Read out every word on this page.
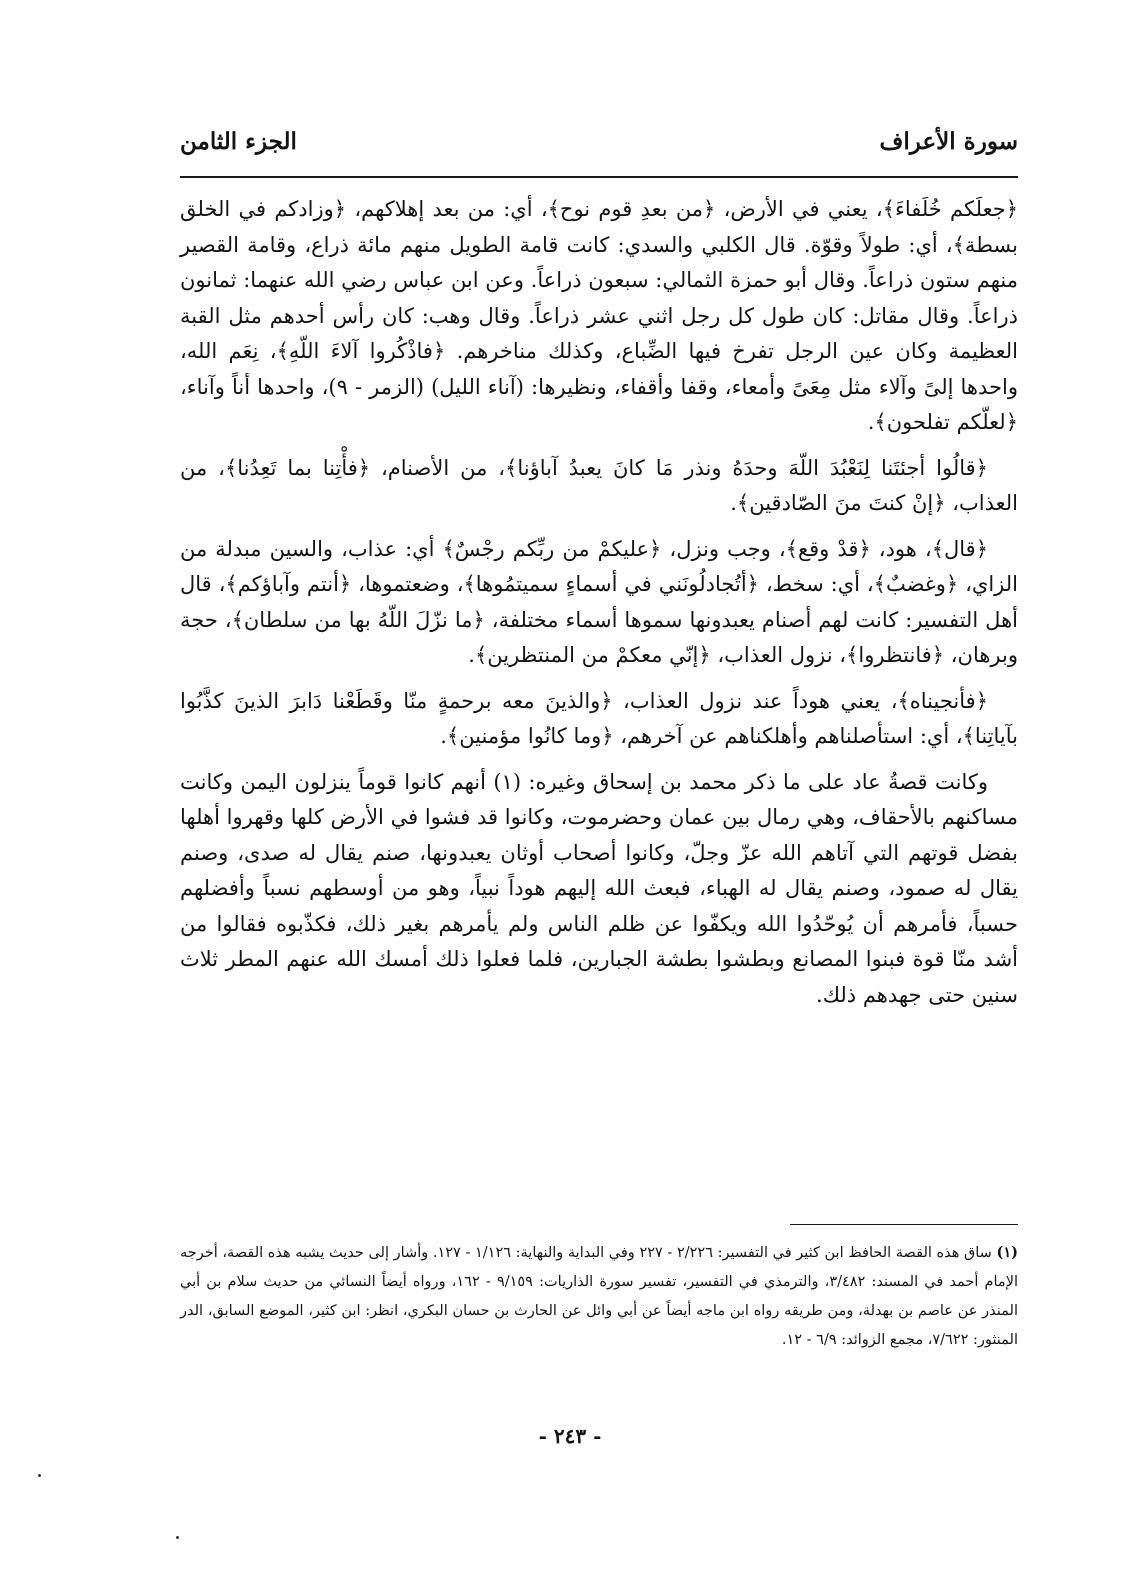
سورة الأعراف
الجزء الثامن

﴿جعلَكم خُلَفاءَ﴾، يعني في الأرض، ﴿من بعدِ قوم نوح﴾، أي: من بعد إهلاكهم، ﴿وزادكم في الخلق بسطة﴾، أي: طولاً وقوّة. قال الكلبي والسدي: كانت قامة الطويل منهم مائة ذراع، وقامة القصير منهم ستون ذراعاً. وقال أبو حمزة الثمالي: سبعون ذراعاً. وعن ابن عباس رضي الله عنهما: ثمانون ذراعاً. وقال مقاتل: كان طول كل رجل اثني عشر ذراعاً. وقال وهب: كان رأس أحدهم مثل القبة العظيمة وكان عين الرجل تفرخ فيها الضِّباع، وكذلك مناخرهم. ﴿فاذْكُروا آلاءَ اللّهِ﴾، نِعَم الله، واحدها إلىً وآلاء مثل مِعَىً وأمعاء، وقفا وأقفاء، ونظيرها: (آناء الليل) (الزمر - ٩)، واحدها أناً وآناء، ﴿لعلّكم تفلحون﴾.

﴿قالُوا أجئتَنا لِنَعْبُدَ اللّهَ وحدَهُ ونذر مَا كانَ يعبدُ آباؤنا﴾، من الأصنام، ﴿فأْتِنا بما تَعِدُنا﴾، من العذاب، ﴿إنْ كنتَ منَ الصّادقين﴾.

﴿قال﴾، هود، ﴿قدْ وقع﴾، وجب ونزل، ﴿عليكمْ من ربِّكم رجْسٌ﴾ أي: عذاب، والسين مبدلة من الزاي، ﴿وغضبٌ﴾، أي: سخط، ﴿أتُجادلُونَني في أسماءٍ سميتمُوها﴾، وضعتموها، ﴿أنتم وآباؤكم﴾، قال أهل التفسير: كانت لهم أصنام يعبدونها سموها أسماء مختلفة، ﴿ما نزّلَ اللّهُ بها من سلطان﴾، حجة وبرهان، ﴿فانتظروا﴾، نزول العذاب، ﴿إنّي معكمْ من المنتظرين﴾.

﴿فأنجيناه﴾، يعني هوداً عند نزول العذاب، ﴿والذينَ معه برحمةٍ منّا وقَطَعْنا دَابرَ الذينَ كذَّبُوا بآياتِنا﴾، أي: استأصلناهم وأهلكناهم عن آخرهم، ﴿وما كانُوا مؤمنين﴾.

وكانت قصةُ عاد على ما ذكر محمد بن إسحاق وغيره: (١) أنهم كانوا قوماً ينزلون اليمن وكانت مساكنهم بالأحقاف، وهي رمال بين عمان وحضرموت، وكانوا قد فشوا في الأرض كلها وقهروا أهلها بفضل قوتهم التي آتاهم الله عزّ وجلّ، وكانوا أصحاب أوثان يعبدونها، صنم يقال له صدى، وصنم يقال له صمود، وصنم يقال له الهباء، فبعث الله إليهم هوداً نبياً، وهو من أوسطهم نسباً وأفضلهم حسباً، فأمرهم أن يُوحّدُوا الله ويكفّوا عن ظلم الناس ولم يأمرهم بغير ذلك، فكذّبوه فقالوا من أشد منّا قوة فبنوا المصانع وبطشوا بطشة الجبارين، فلما فعلوا ذلك أمسك الله عنهم المطر ثلاث سنين حتى جهدهم ذلك.

(١) ساق هذه القصة الحافظ ابن كثير في التفسير: ٢/٢٢٦ - ٢٢٧ وفي البداية والنهاية: ١/١٢٦ - ١٢٧. وأشار إلى حديث يشبه هذه القصة، أخرجه الإمام أحمد في المسند: ٣/٤٨٢، والترمذي في التفسير، تفسير سورة الذاريات: ٩/١٥٩ - ١٦٢، ورواه أيضاً النسائي من حديث سلام بن أبي المنذر عن عاصم بن بهدلة، ومن طريقه رواه ابن ماجه أيضاً عن أبي وائل عن الحارث بن حسان البكري، انظر: ابن كثير، الموضع السابق، الدر المنثور: ٧/٦٢٢، مجمع الزوائد: ٦/٩ - ١٢.
- ٢٤٣ -
